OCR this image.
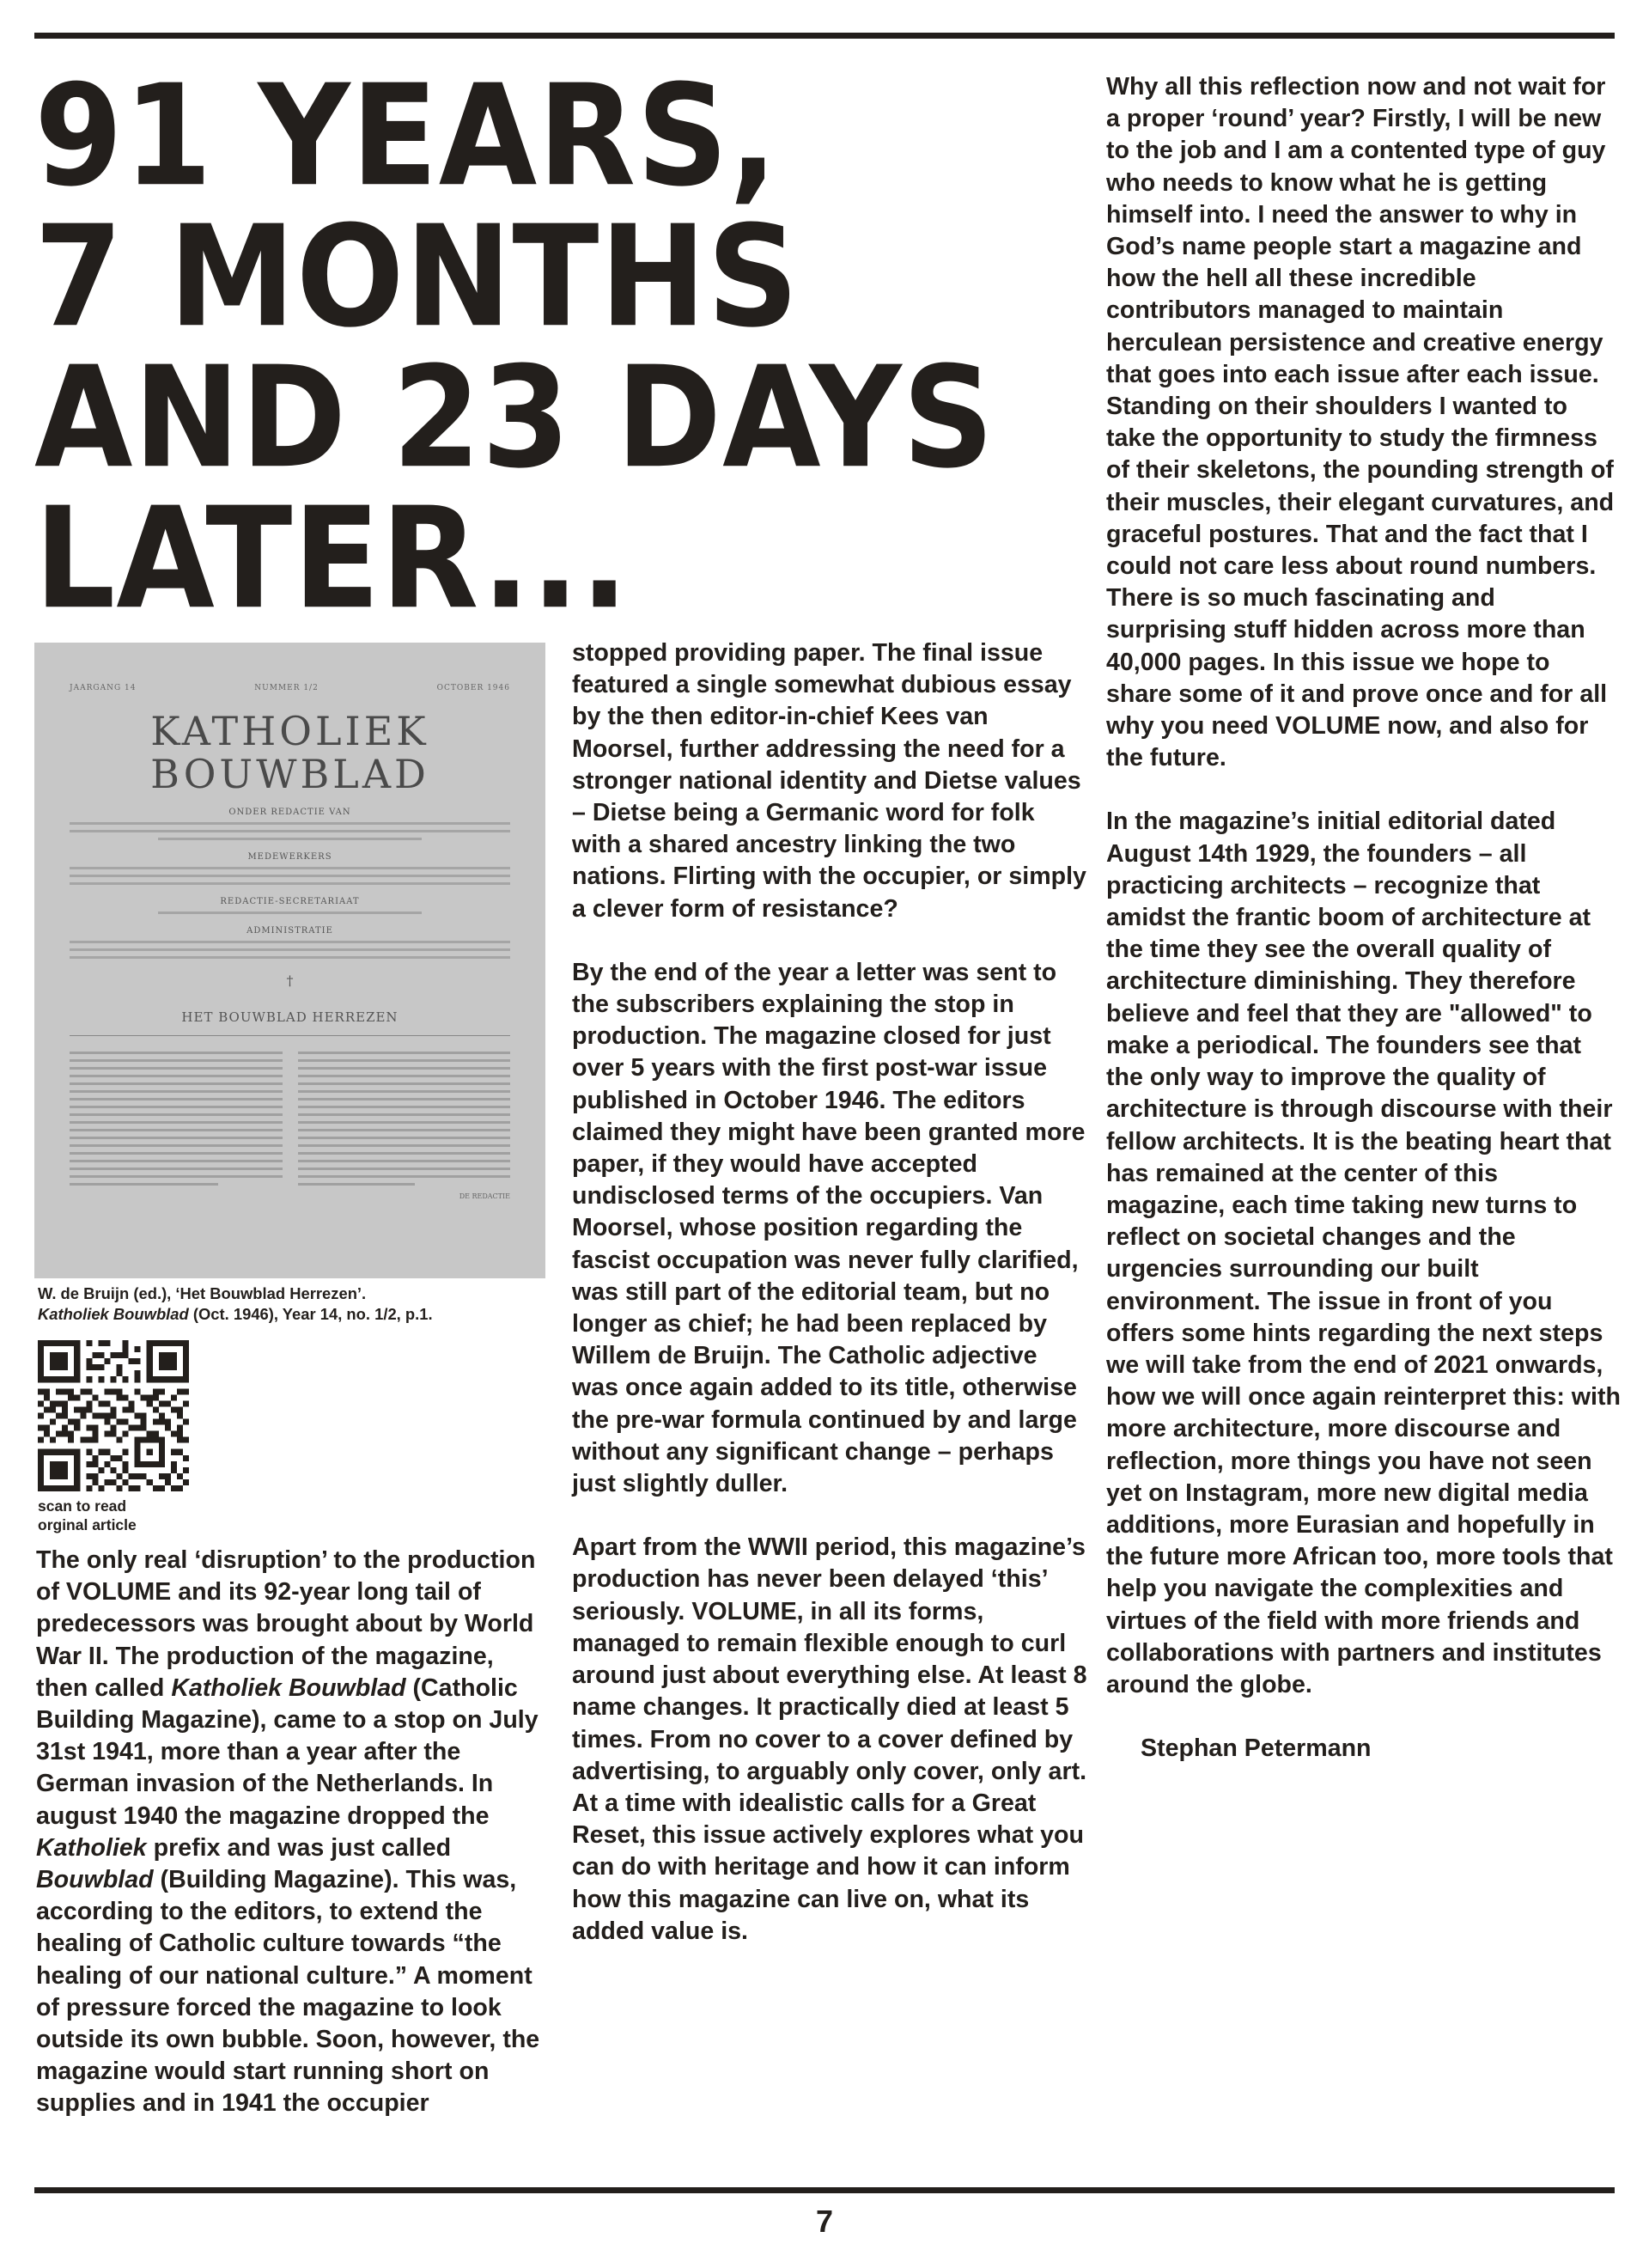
91 YEARS,
7 MONTHS
AND 23 DAYS
LATER...
JAARGANG 14	NUMMER 1/2	OCTOBER 1946
KATHOLIEK
BOUWBLAD
ONDER REDACTIE VAN
MEDEWERKERS
REDACTIE-SECRETARIAAT
ADMINISTRATIE
†
HET BOUWBLAD HERREZEN
DE REDACTIE

W. de Bruijn (ed.), ‘Het Bouwblad Herrezen’.
Katholiek Bouwblad (Oct. 1946), Year 14, no. 1/2, p.1.

scan to read
orginal article

The only real ‘disruption’ to the production of VOLUME and its 92-year long tail of predecessors was brought about by World War II. The production of the magazine, then called Katholiek Bouwblad (Catholic Building Magazine), came to a stop on July 31st 1941, more than a year after the German invasion of the Netherlands. In august 1940 the magazine dropped the Katholiek prefix and was just called Bouwblad (Building Magazine). This was, according to the editors, to extend the healing of Catholic culture towards “the healing of our national culture.” A moment of pressure forced the magazine to look outside its own bubble. Soon, however, the magazine would start running short on supplies and in 1941 the occupier

stopped providing paper. The final issue featured a single somewhat dubious essay by the then editor-in-chief Kees van Moorsel, further addressing the need for a stronger national identity and Dietse values – Dietse being a Germanic word for folk with a shared ancestry linking the two nations. Flirting with the occupier, or simply a clever form of resistance?

By the end of the year a letter was sent to the subscribers explaining the stop in production. The magazine closed for just over 5 years with the first post-war issue published in October 1946. The editors claimed they might have been granted more paper, if they would have accepted undisclosed terms of the occupiers. Van Moorsel, whose position regarding the fascist occupation was never fully clarified, was still part of the editorial team, but no longer as chief; he had been replaced by Willem de Bruijn. The Catholic adjective was once again added to its title, otherwise the pre-war formula continued by and large without any significant change – perhaps just slightly duller.

Apart from the WWII period, this magazine’s production has never been delayed ‘this’ seriously. VOLUME, in all its forms, managed to remain flexible enough to curl around just about everything else. At least 8 name changes. It practically died at least 5 times. From no cover to a cover defined by advertising, to arguably only cover, only art. At a time with idealistic calls for a Great Reset, this issue actively explores what you can do with heritage and how it can inform how this magazine can live on, what its added value is.

Why all this reflection now and not wait for a proper ‘round’ year? Firstly, I will be new to the job and I am a contented type of guy who needs to know what he is getting himself into. I need the answer to why in God’s name people start a magazine and how the hell all these incredible contributors managed to maintain herculean persistence and creative energy that goes into each issue after each issue. Standing on their shoulders I wanted to take the opportunity to study the firmness of their skeletons, the pounding strength of their muscles, their elegant curvatures, and graceful postures. That and the fact that I could not care less about round numbers. There is so much fascinating and surprising stuff hidden across more than 40,000 pages. In this issue we hope to share some of it and prove once and for all why you need VOLUME now, and also for the future.

In the magazine’s initial editorial dated August 14th 1929, the founders – all practicing architects – recognize that amidst the frantic boom of architecture at the time they see the overall quality of architecture diminishing. They therefore believe and feel that they are "allowed" to make a periodical. The founders see that the only way to improve the quality of architecture is through discourse with their fellow architects. It is the beating heart that has remained at the center of this magazine, each time taking new turns to reflect on societal changes and the urgencies surrounding our built environment. The issue in front of you offers some hints regarding the next steps we will take from the end of 2021 onwards, how we will once again reinterpret this: with more architecture, more discourse and reflection, more things you have not seen yet on Instagram, more new digital media additions, more Eurasian and hopefully in the future more African too, more tools that help you navigate the complexities and virtues of the field with more friends and collaborations with partners and institutes around the globe.

Stephan Petermann

7
